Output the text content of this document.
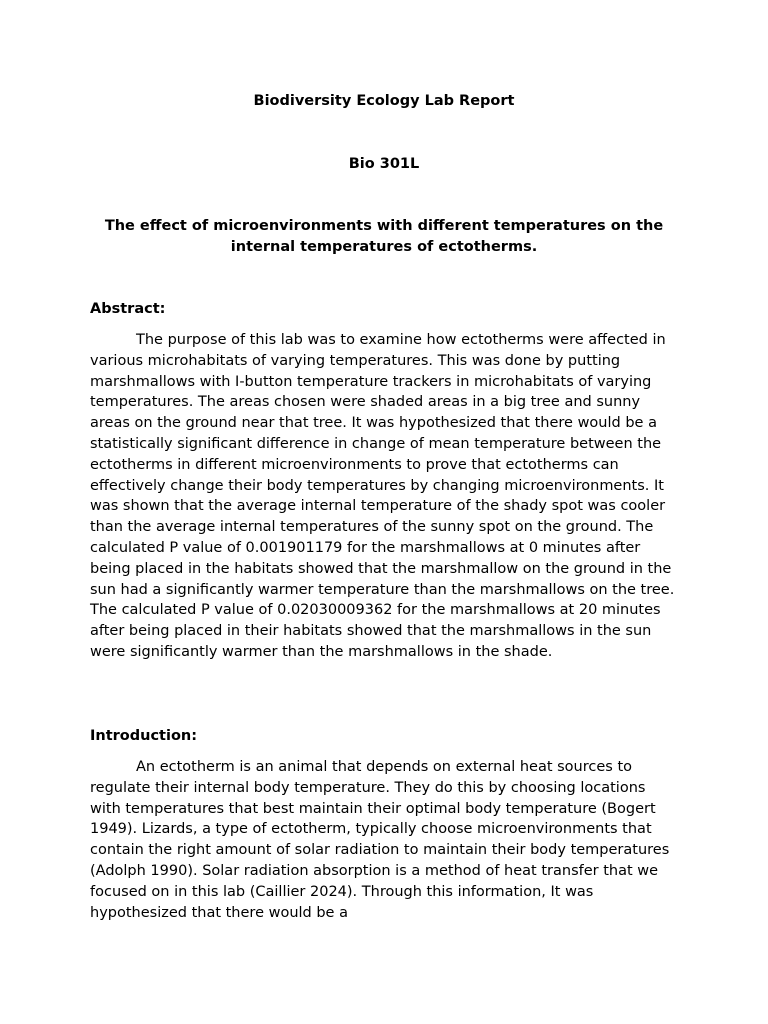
Biodiversity Ecology Lab Report

Bio 301L

The effect of microenvironments with different temperatures on the internal temperatures of ectotherms.

Abstract:

The purpose of this lab was to examine how ectotherms were affected in various microhabitats of varying temperatures. This was done by putting marshmallows with I-button temperature trackers in microhabitats of varying temperatures. The areas chosen were shaded areas in a big tree and sunny areas on the ground near that tree. It was hypothesized that there would be a statistically significant difference in change of mean temperature between the ectotherms in different microenvironments to prove that ectotherms can effectively change their body temperatures by changing microenvironments. It was shown that the average internal temperature of the shady spot was cooler than the average internal temperatures of the sunny spot on the ground. The calculated P value of 0.001901179 for the marshmallows at 0 minutes after being placed in the habitats showed that the marshmallow on the ground in the sun had a significantly warmer temperature than the marshmallows on the tree. The calculated P value of 0.02030009362 for the marshmallows at 20 minutes after being placed in their habitats showed that the marshmallows in the sun were significantly warmer than the marshmallows in the shade.

Introduction:

An ectotherm is an animal that depends on external heat sources to regulate their internal body temperature. They do this by choosing locations with temperatures that best maintain their optimal body temperature (Bogert 1949). Lizards, a type of ectotherm, typically choose microenvironments that contain the right amount of solar radiation to maintain their body temperatures (Adolph 1990). Solar radiation absorption is a method of heat transfer that we focused on in this lab (Caillier 2024). Through this information, It was hypothesized that there would be a
